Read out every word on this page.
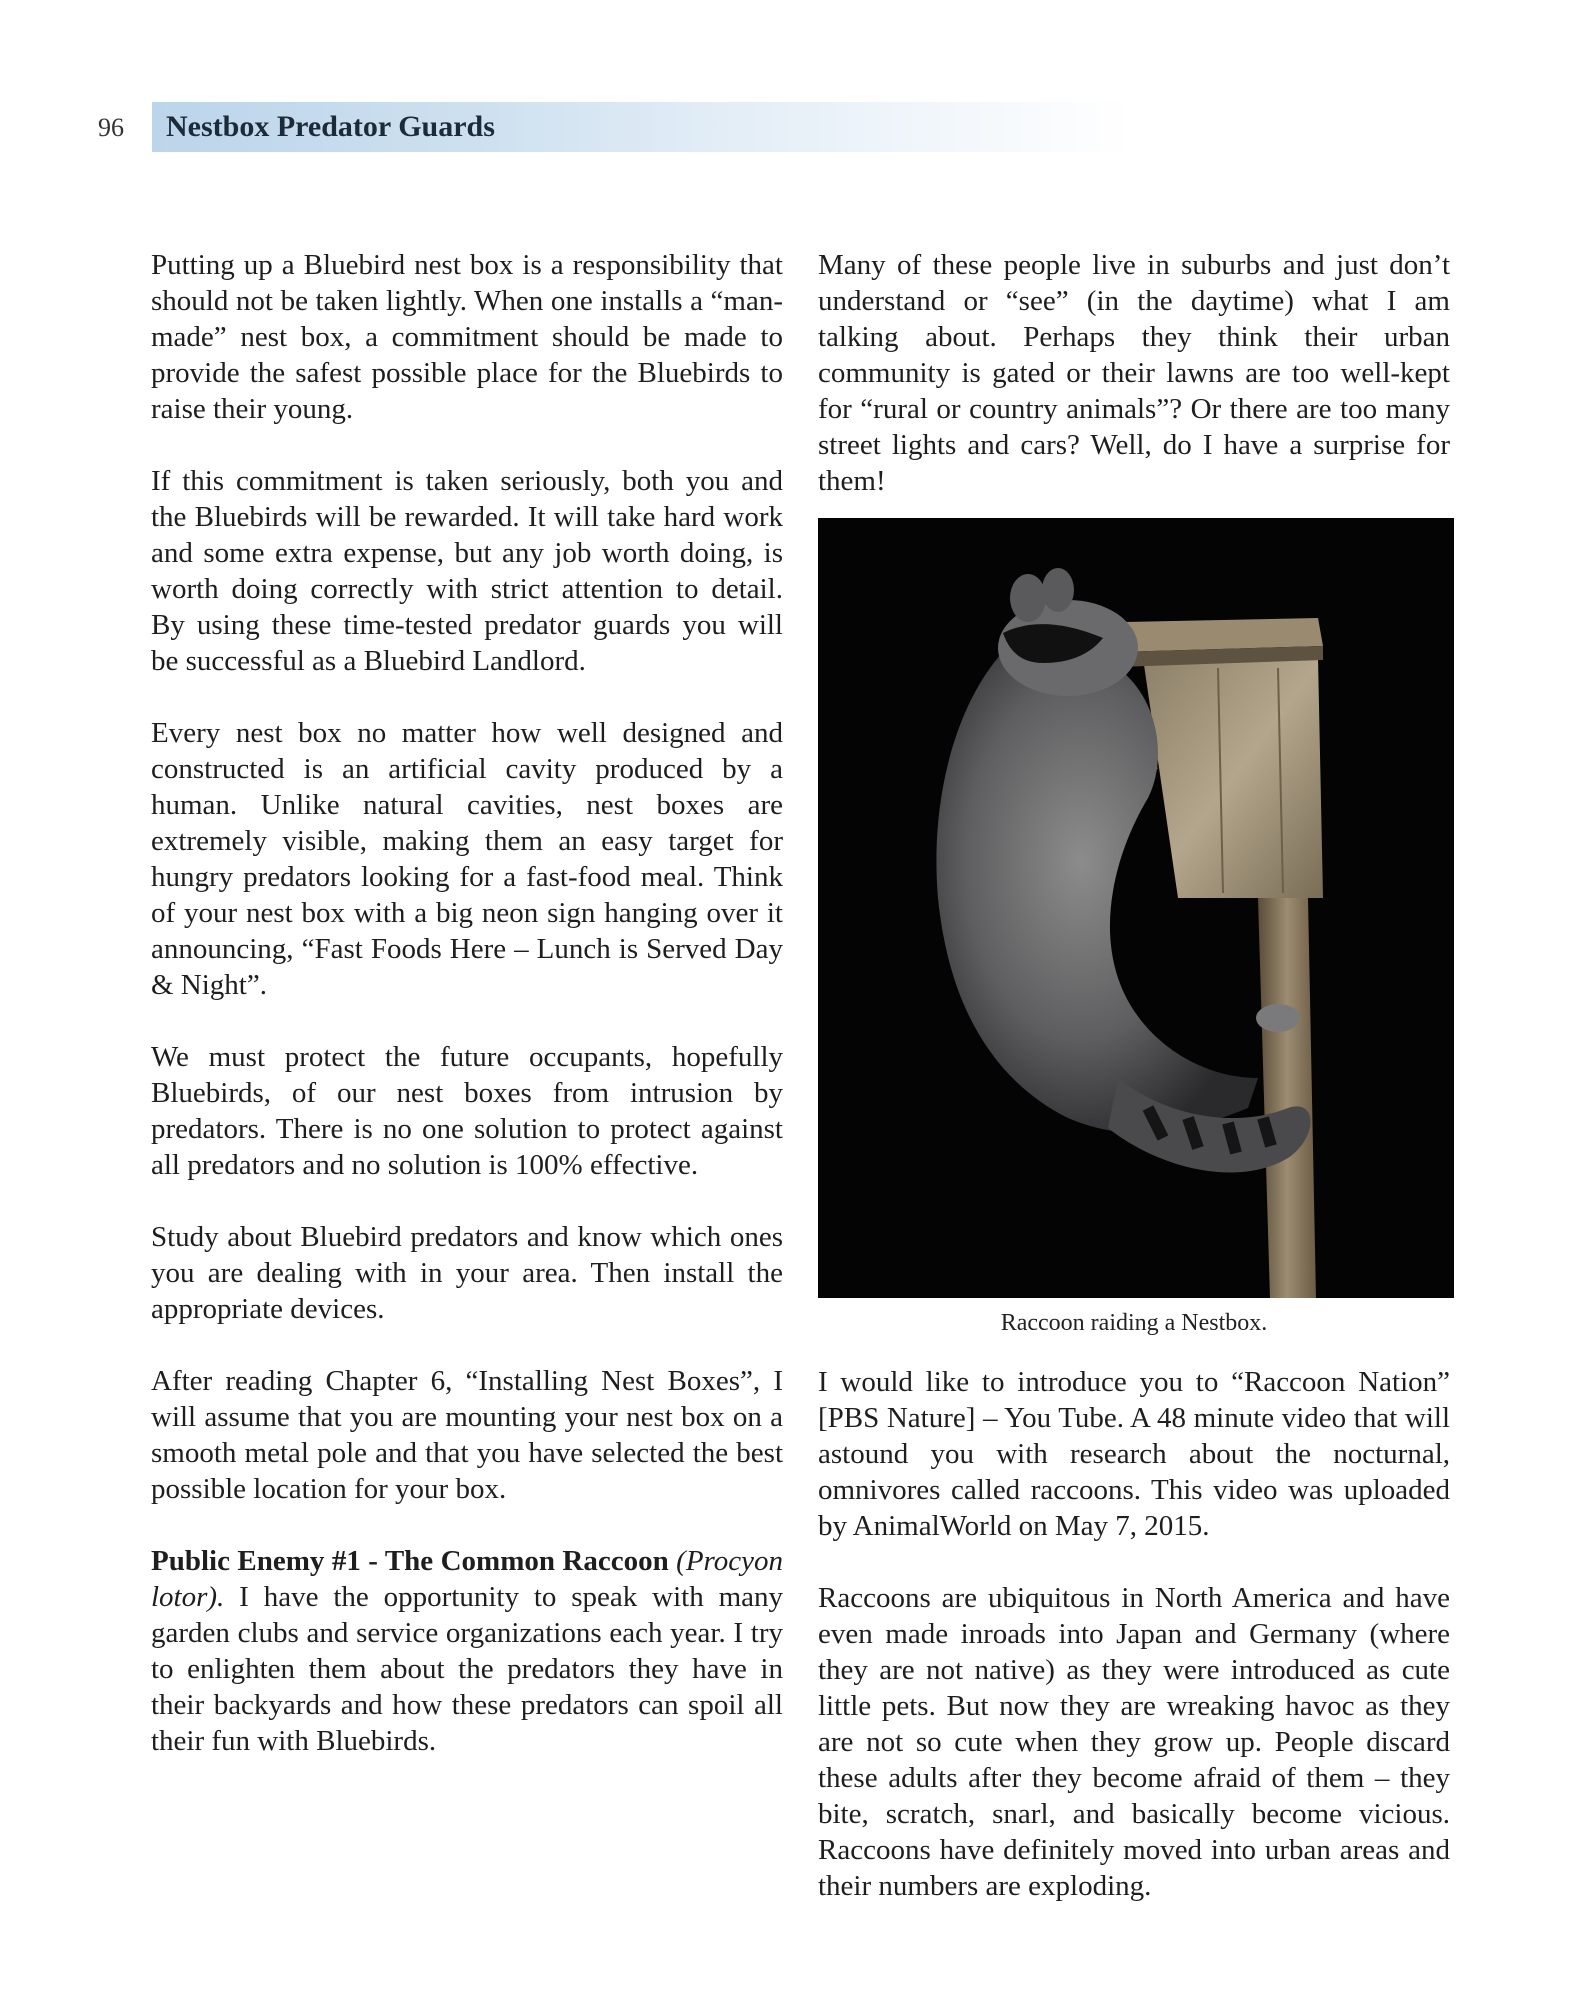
96 Nestbox Predator Guards

Putting up a Bluebird nest box is a responsibility that should not be taken lightly. When one installs a “man-made” nest box, a commitment should be made to provide the safest possible place for the Bluebirds to raise their young.

If this commitment is taken seriously, both you and the Bluebirds will be rewarded. It will take hard work and some extra expense, but any job worth doing, is worth doing correctly with strict attention to detail. By using these time-tested predator guards you will be successful as a Bluebird Landlord.

Every nest box no matter how well designed and constructed is an artificial cavity produced by a human. Unlike natural cavities, nest boxes are extremely visible, making them an easy target for hungry predators looking for a fast-food meal. Think of your nest box with a big neon sign hanging over it announcing, “Fast Foods Here – Lunch is Served Day & Night”.

We must protect the future occupants, hopefully Bluebirds, of our nest boxes from intrusion by predators. There is no one solution to protect against all predators and no solution is 100% effective.

Study about Bluebird predators and know which ones you are dealing with in your area. Then install the appropriate devices.

After reading Chapter 6, “Installing Nest Boxes”, I will assume that you are mounting your nest box on a smooth metal pole and that you have selected the best possible location for your box.

Public Enemy #1 - The Common Raccoon (Procyon lotor). I have the opportunity to speak with many garden clubs and service organizations each year. I try to enlighten them about the predators they have in their backyards and how these predators can spoil all their fun with Bluebirds.

Many of these people live in suburbs and just don’t understand or “see” (in the daytime) what I am talking about. Perhaps they think their urban community is gated or their lawns are too well-kept for “rural or country animals”? Or there are too many street lights and cars? Well, do I have a surprise for them!

Raccoon raiding a Nestbox.

I would like to introduce you to “Raccoon Nation” [PBS Nature] – You Tube. A 48 minute video that will astound you with research about the nocturnal, omnivores called raccoons. This video was uploaded by AnimalWorld on May 7, 2015.

Raccoons are ubiquitous in North America and have even made inroads into Japan and Germany (where they are not native) as they were introduced as cute little pets. But now they are wreaking havoc as they are not so cute when they grow up. People discard these adults after they become afraid of them – they bite, scratch, snarl, and basically become vicious. Raccoons have definitely moved into urban areas and their numbers are exploding.
